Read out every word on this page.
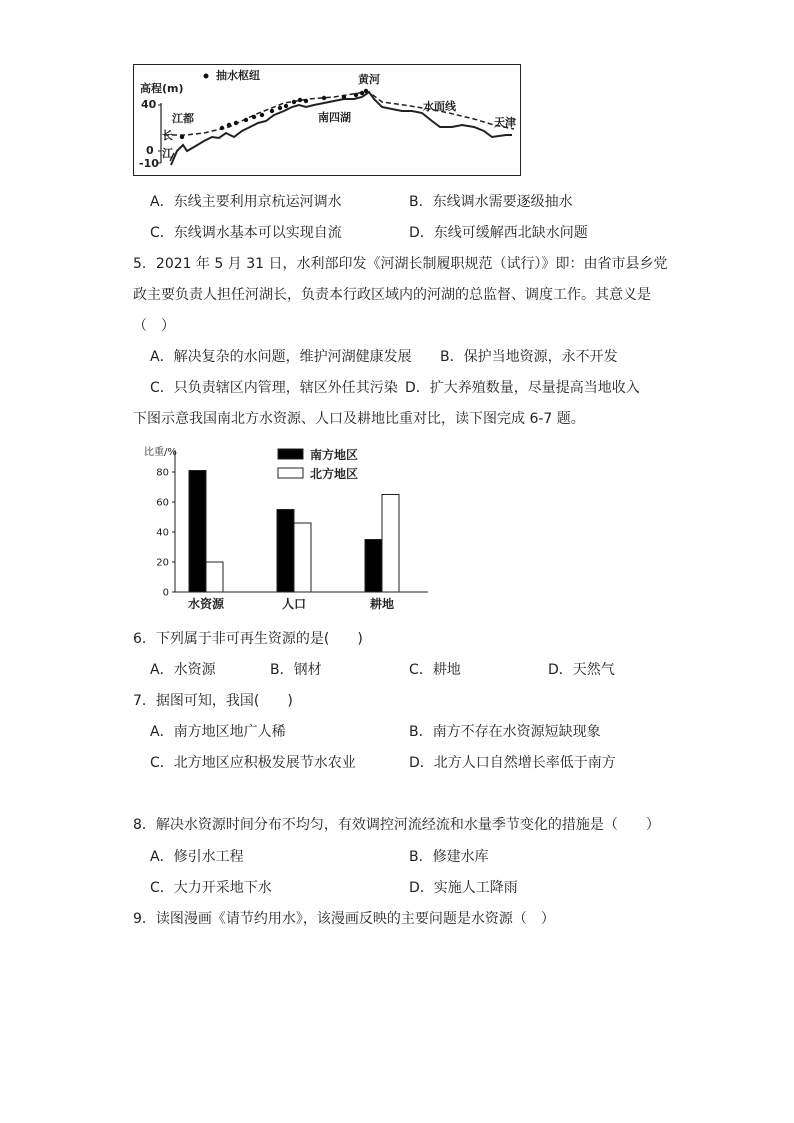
抽水枢纽
高程(m)
40
0
-10
江都
长
江
黄河
南四湖
水面线
天津
A．东线主要利用京杭运河调水	B．东线调水需要逐级抽水
C．东线调水基本可以实现自流	D．东线可缓解西北缺水问题
5．2021 年 5 月 31 日，水利部印发《河湖长制履职规范（试行）》即：由省市县乡党
政主要负责人担任河湖长，负责本行政区域内的河湖的总监督、调度工作。其意义是
（　）
A．解决复杂的水问题，维护河湖健康发展 B．保护当地资源，永不开发
C．只负责辖区内管理，辖区外任其污染 D．扩大养殖数量，尽量提高当地收入
下图示意我国南北方水资源、人口及耕地比重对比，读下图完成 6-7 题。
比重/%
0
20
40
60
80
水资源	人口	耕地
南方地区
北方地区
6．下列属于非可再生资源的是(　　)
A．水资源	B．钢材	C．耕地	D．天然气
7．据图可知，我国(　　)
A．南方地区地广人稀	B．南方不存在水资源短缺现象
C．北方地区应积极发展节水农业	D．北方人口自然增长率低于南方
8．解决水资源时间分布不均匀，有效调控河流经流和水量季节变化的措施是（　　）
A．修引水工程	B．修建水库
C．大力开采地下水	D．实施人工降雨
9．读图漫画《请节约用水》，该漫画反映的主要问题是水资源（　）
